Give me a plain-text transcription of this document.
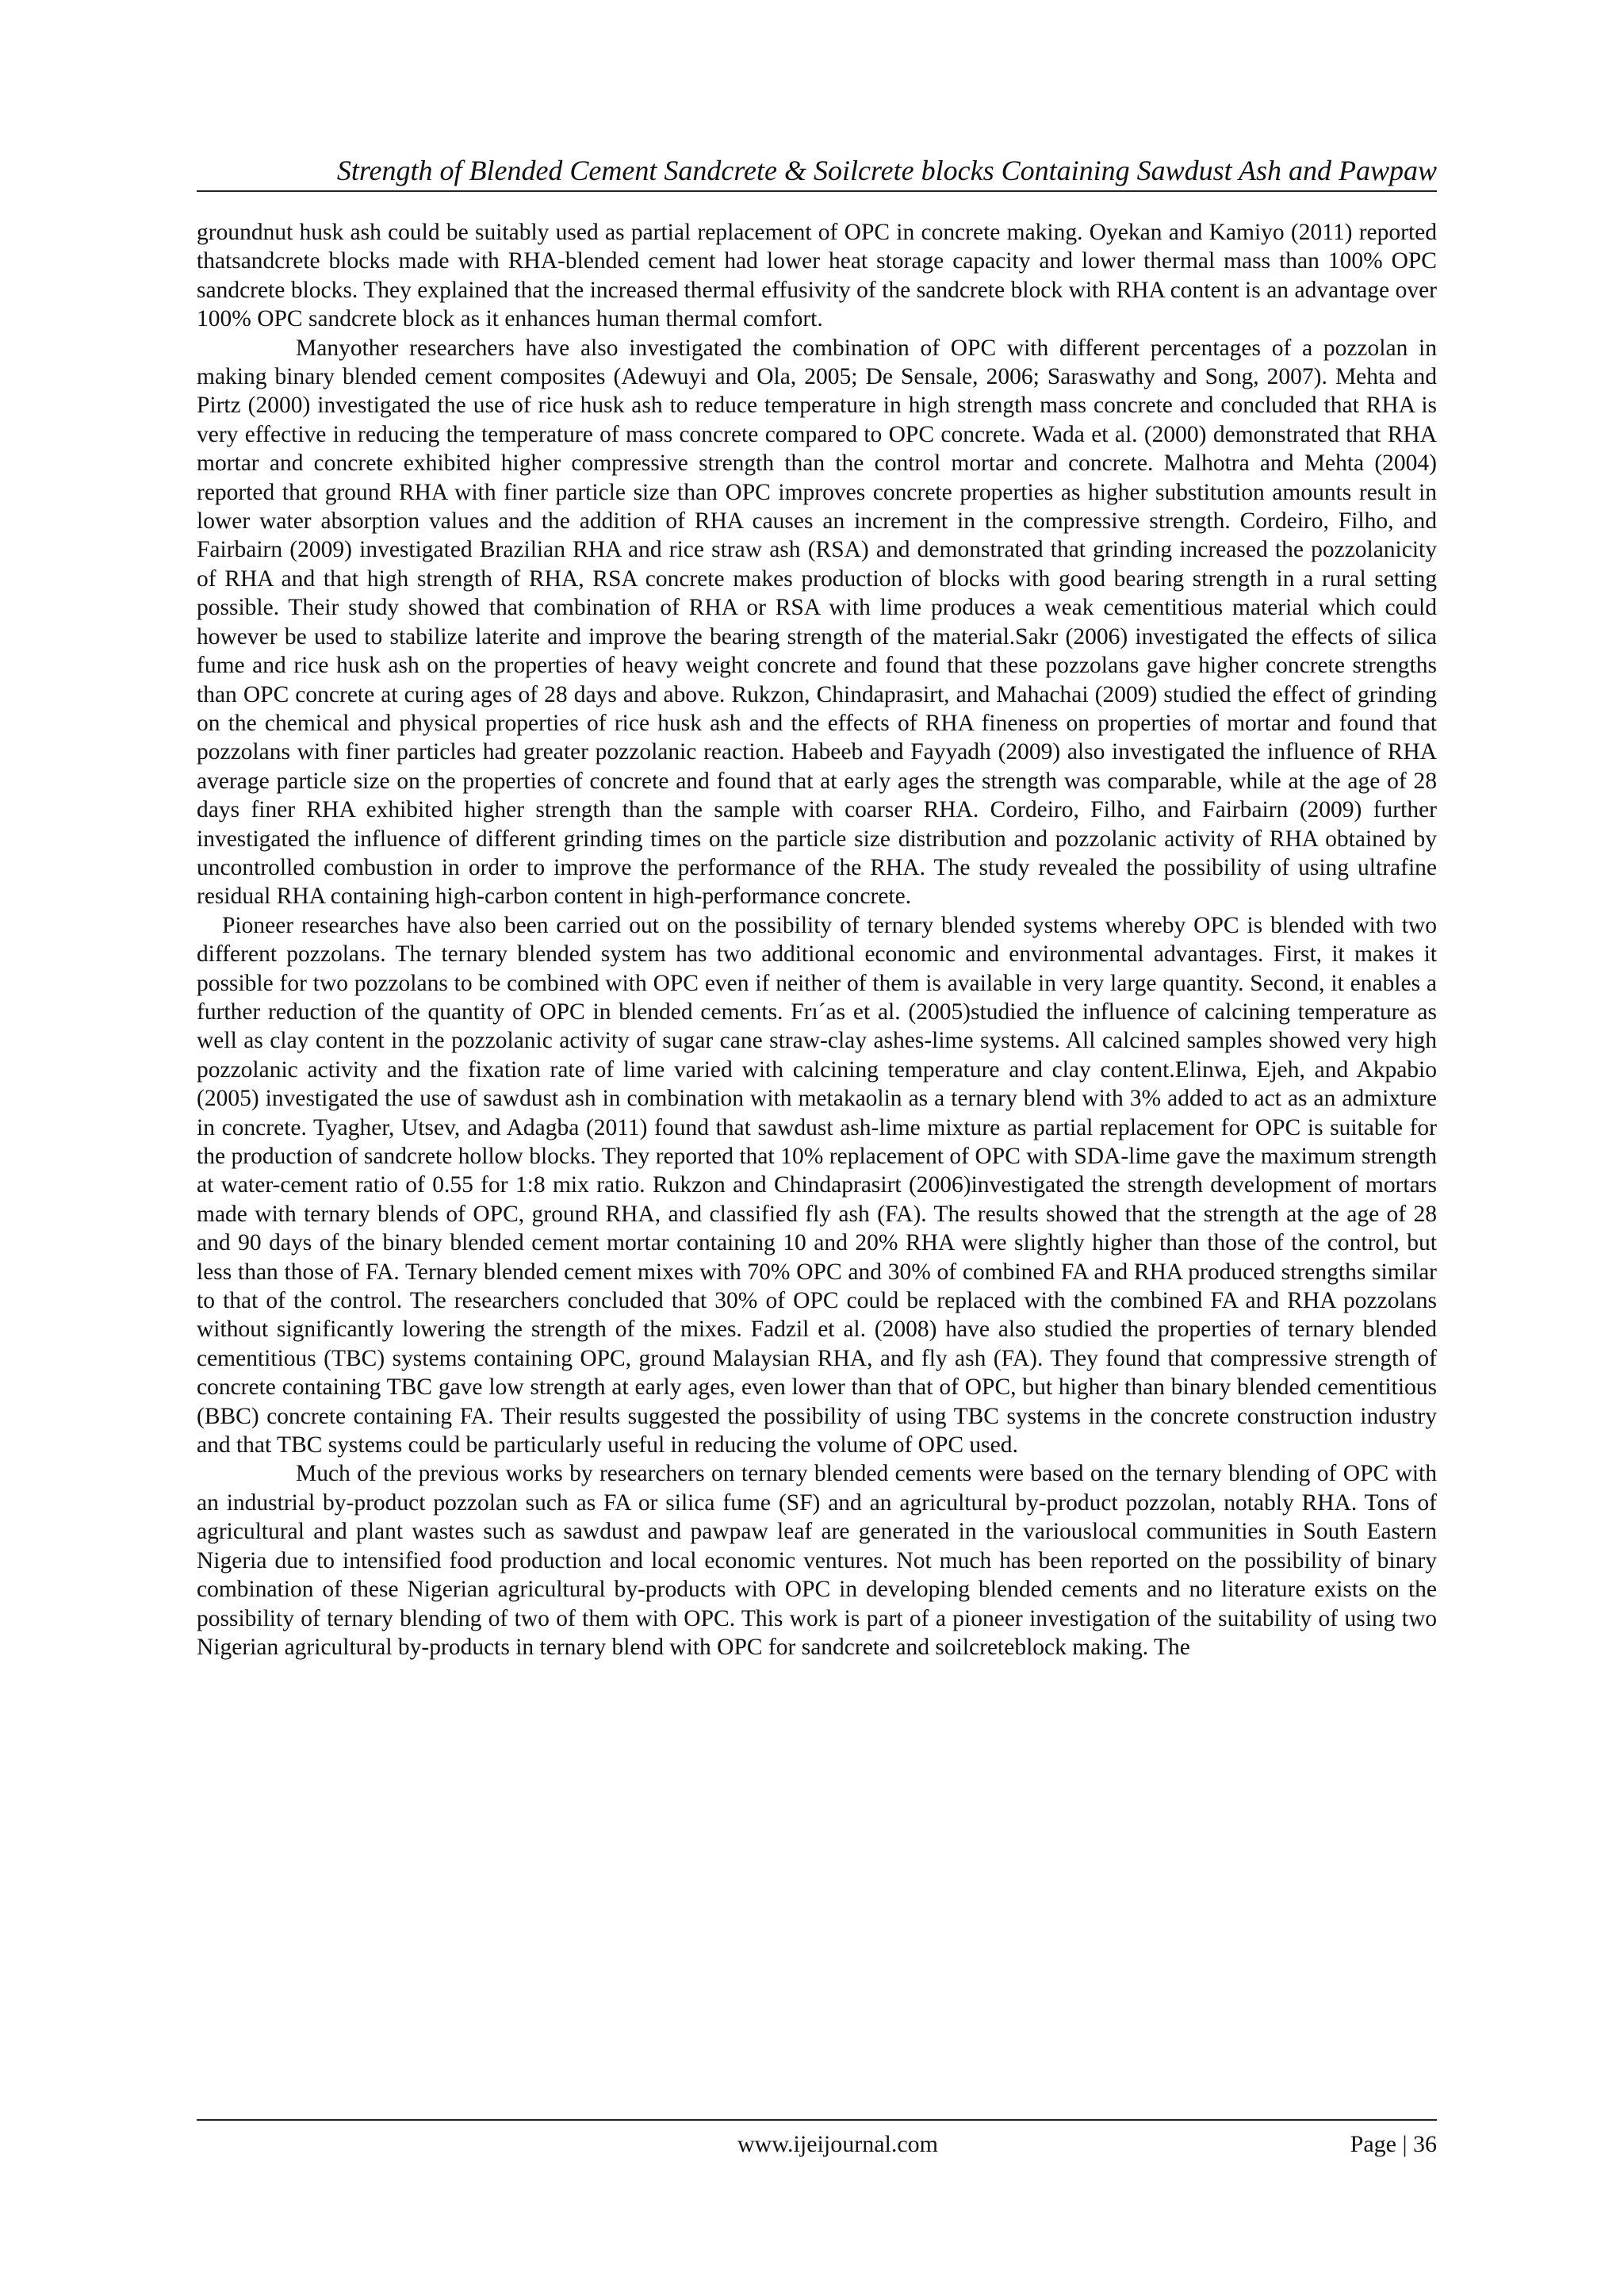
Strength of Blended Cement Sandcrete & Soilcrete blocks Containing Sawdust Ash and Pawpaw

groundnut husk ash could be suitably used as partial replacement of OPC in concrete making. Oyekan and Kamiyo (2011) reported thatsandcrete blocks made with RHA-blended cement had lower heat storage capacity and lower thermal mass than 100% OPC sandcrete blocks. They explained that the increased thermal effusivity of the sandcrete block with RHA content is an advantage over 100% OPC sandcrete block as it enhances human thermal comfort.

Manyother researchers have also investigated the combination of OPC with different percentages of a pozzolan in making binary blended cement composites (Adewuyi and Ola, 2005; De Sensale, 2006; Saraswathy and Song, 2007). Mehta and Pirtz (2000) investigated the use of rice husk ash to reduce temperature in high strength mass concrete and concluded that RHA is very effective in reducing the temperature of mass concrete compared to OPC concrete. Wada et al. (2000) demonstrated that RHA mortar and concrete exhibited higher compressive strength than the control mortar and concrete. Malhotra and Mehta (2004) reported that ground RHA with finer particle size than OPC improves concrete properties as higher substitution amounts result in lower water absorption values and the addition of RHA causes an increment in the compressive strength. Cordeiro, Filho, and Fairbairn (2009) investigated Brazilian RHA and rice straw ash (RSA) and demonstrated that grinding increased the pozzolanicity of RHA and that high strength of RHA, RSA concrete makes production of blocks with good bearing strength in a rural setting possible. Their study showed that combination of RHA or RSA with lime produces a weak cementitious material which could however be used to stabilize laterite and improve the bearing strength of the material.Sakr (2006) investigated the effects of silica fume and rice husk ash on the properties of heavy weight concrete and found that these pozzolans gave higher concrete strengths than OPC concrete at curing ages of 28 days and above. Rukzon, Chindaprasirt, and Mahachai (2009) studied the effect of grinding on the chemical and physical properties of rice husk ash and the effects of RHA fineness on properties of mortar and found that pozzolans with finer particles had greater pozzolanic reaction. Habeeb and Fayyadh (2009) also investigated the influence of RHA average particle size on the properties of concrete and found that at early ages the strength was comparable, while at the age of 28 days finer RHA exhibited higher strength than the sample with coarser RHA. Cordeiro, Filho, and Fairbairn (2009) further investigated the influence of different grinding times on the particle size distribution and pozzolanic activity of RHA obtained by uncontrolled combustion in order to improve the performance of the RHA. The study revealed the possibility of using ultrafine residual RHA containing high-carbon content in high-performance concrete.

Pioneer researches have also been carried out on the possibility of ternary blended systems whereby OPC is blended with two different pozzolans. The ternary blended system has two additional economic and environmental advantages. First, it makes it possible for two pozzolans to be combined with OPC even if neither of them is available in very large quantity. Second, it enables a further reduction of the quantity of OPC in blended cements. Frı´as et al. (2005)studied the influence of calcining temperature as well as clay content in the pozzolanic activity of sugar cane straw-clay ashes-lime systems. All calcined samples showed very high pozzolanic activity and the fixation rate of lime varied with calcining temperature and clay content.Elinwa, Ejeh, and Akpabio (2005) investigated the use of sawdust ash in combination with metakaolin as a ternary blend with 3% added to act as an admixture in concrete. Tyagher, Utsev, and Adagba (2011) found that sawdust ash-lime mixture as partial replacement for OPC is suitable for the production of sandcrete hollow blocks. They reported that 10% replacement of OPC with SDA-lime gave the maximum strength at water-cement ratio of 0.55 for 1:8 mix ratio. Rukzon and Chindaprasirt (2006)investigated the strength development of mortars made with ternary blends of OPC, ground RHA, and classified fly ash (FA). The results showed that the strength at the age of 28 and 90 days of the binary blended cement mortar containing 10 and 20% RHA were slightly higher than those of the control, but less than those of FA. Ternary blended cement mixes with 70% OPC and 30% of combined FA and RHA produced strengths similar to that of the control. The researchers concluded that 30% of OPC could be replaced with the combined FA and RHA pozzolans without significantly lowering the strength of the mixes. Fadzil et al. (2008) have also studied the properties of ternary blended cementitious (TBC) systems containing OPC, ground Malaysian RHA, and fly ash (FA). They found that compressive strength of concrete containing TBC gave low strength at early ages, even lower than that of OPC, but higher than binary blended cementitious (BBC) concrete containing FA. Their results suggested the possibility of using TBC systems in the concrete construction industry and that TBC systems could be particularly useful in reducing the volume of OPC used.

Much of the previous works by researchers on ternary blended cements were based on the ternary blending of OPC with an industrial by-product pozzolan such as FA or silica fume (SF) and an agricultural by-product pozzolan, notably RHA. Tons of agricultural and plant wastes such as sawdust and pawpaw leaf are generated in the variouslocal communities in South Eastern Nigeria due to intensified food production and local economic ventures. Not much has been reported on the possibility of binary combination of these Nigerian agricultural by-products with OPC in developing blended cements and no literature exists on the possibility of ternary blending of two of them with OPC. This work is part of a pioneer investigation of the suitability of using two Nigerian agricultural by-products in ternary blend with OPC for sandcrete and soilcreteblock making. The

www.ijeijournal.com	Page | 36
